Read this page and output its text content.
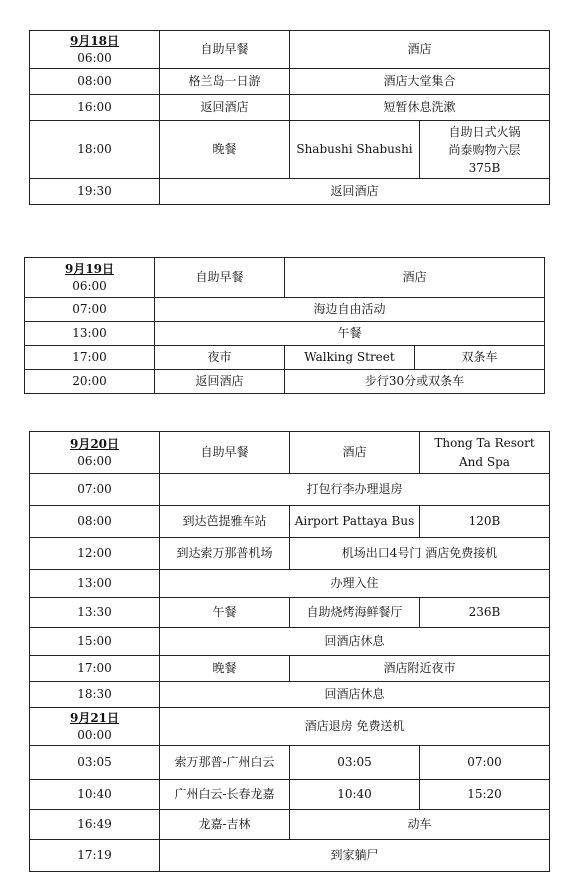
9月18日
06:00	自助早餐	酒店	
08:00	格兰岛一日游	酒店大堂集合	
16:00	返回酒店	短暂休息洗漱	
18:00	晚餐	Shabushi Shabushi	自助日式火锅
尚泰购物六层
375B

19:30	返回酒店		
9月19日
06:00	自助早餐	酒店	
07:00	海边自由活动		
13:00	午餐		
17:00	夜市	Walking Street	双条车
20:00	返回酒店	步行30分或双条车	
9月20日
06:00	自助早餐	酒店	Thong Ta Resort And Spa
07:00	打包行李办理退房		
08:00	到达芭提雅车站	Airport Pattaya Bus	120B
12:00	到达索万那普机场	机场出口4号门 酒店免费接机	
13:00	办理入住		
13:30	午餐	自助烧烤海鲜餐厅	236B
15:00	回酒店休息		
17:00	晚餐	酒店附近夜市	
18:30	回酒店休息		

9月21日
00:00	酒店退房 免费送机		
03:05	索万那普-广州白云	03:05	07:00
10:40	广州白云-长春龙嘉	10:40	15:20
16:49	龙嘉-吉林	动车	
17:19	到家躺尸		
